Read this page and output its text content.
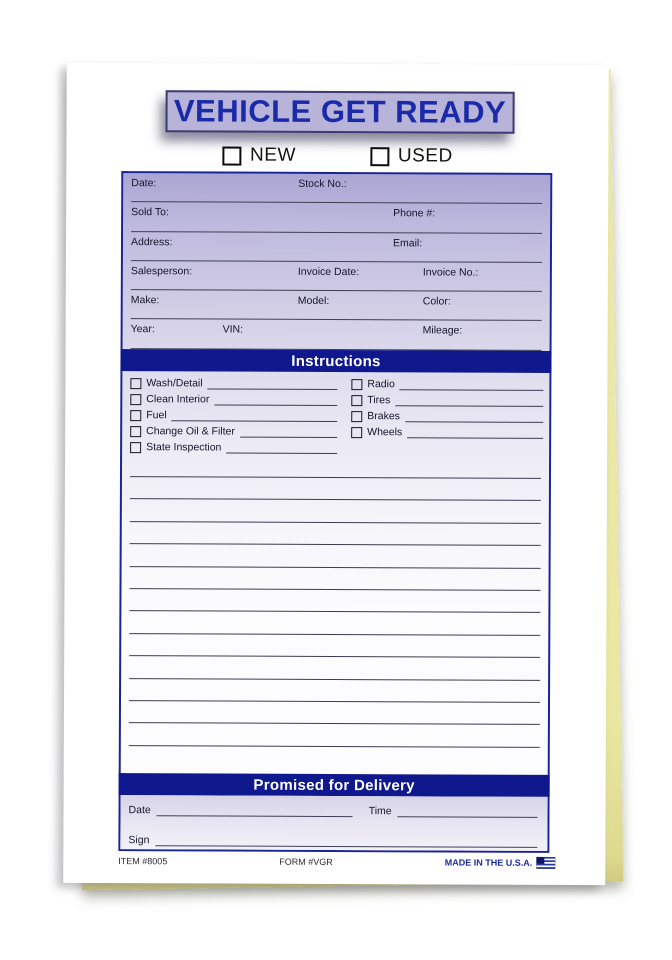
VEHICLE GET READY
NEW	USED
Date:	Stock No.:
Sold To:	Phone #:
Address:	Email:
Salesperson:	Invoice Date:	Invoice No.:
Make:	Model:	Color:
Year:	VIN:	Mileage:
Instructions
Wash/Detail
Clean Interior
Fuel
Change Oil & Filter
State Inspection
Radio
Tires
Brakes
Wheels
Promised for Delivery
Date	Time
Sign
ITEM #8005	FORM #VGR	MADE IN THE U.S.A.
